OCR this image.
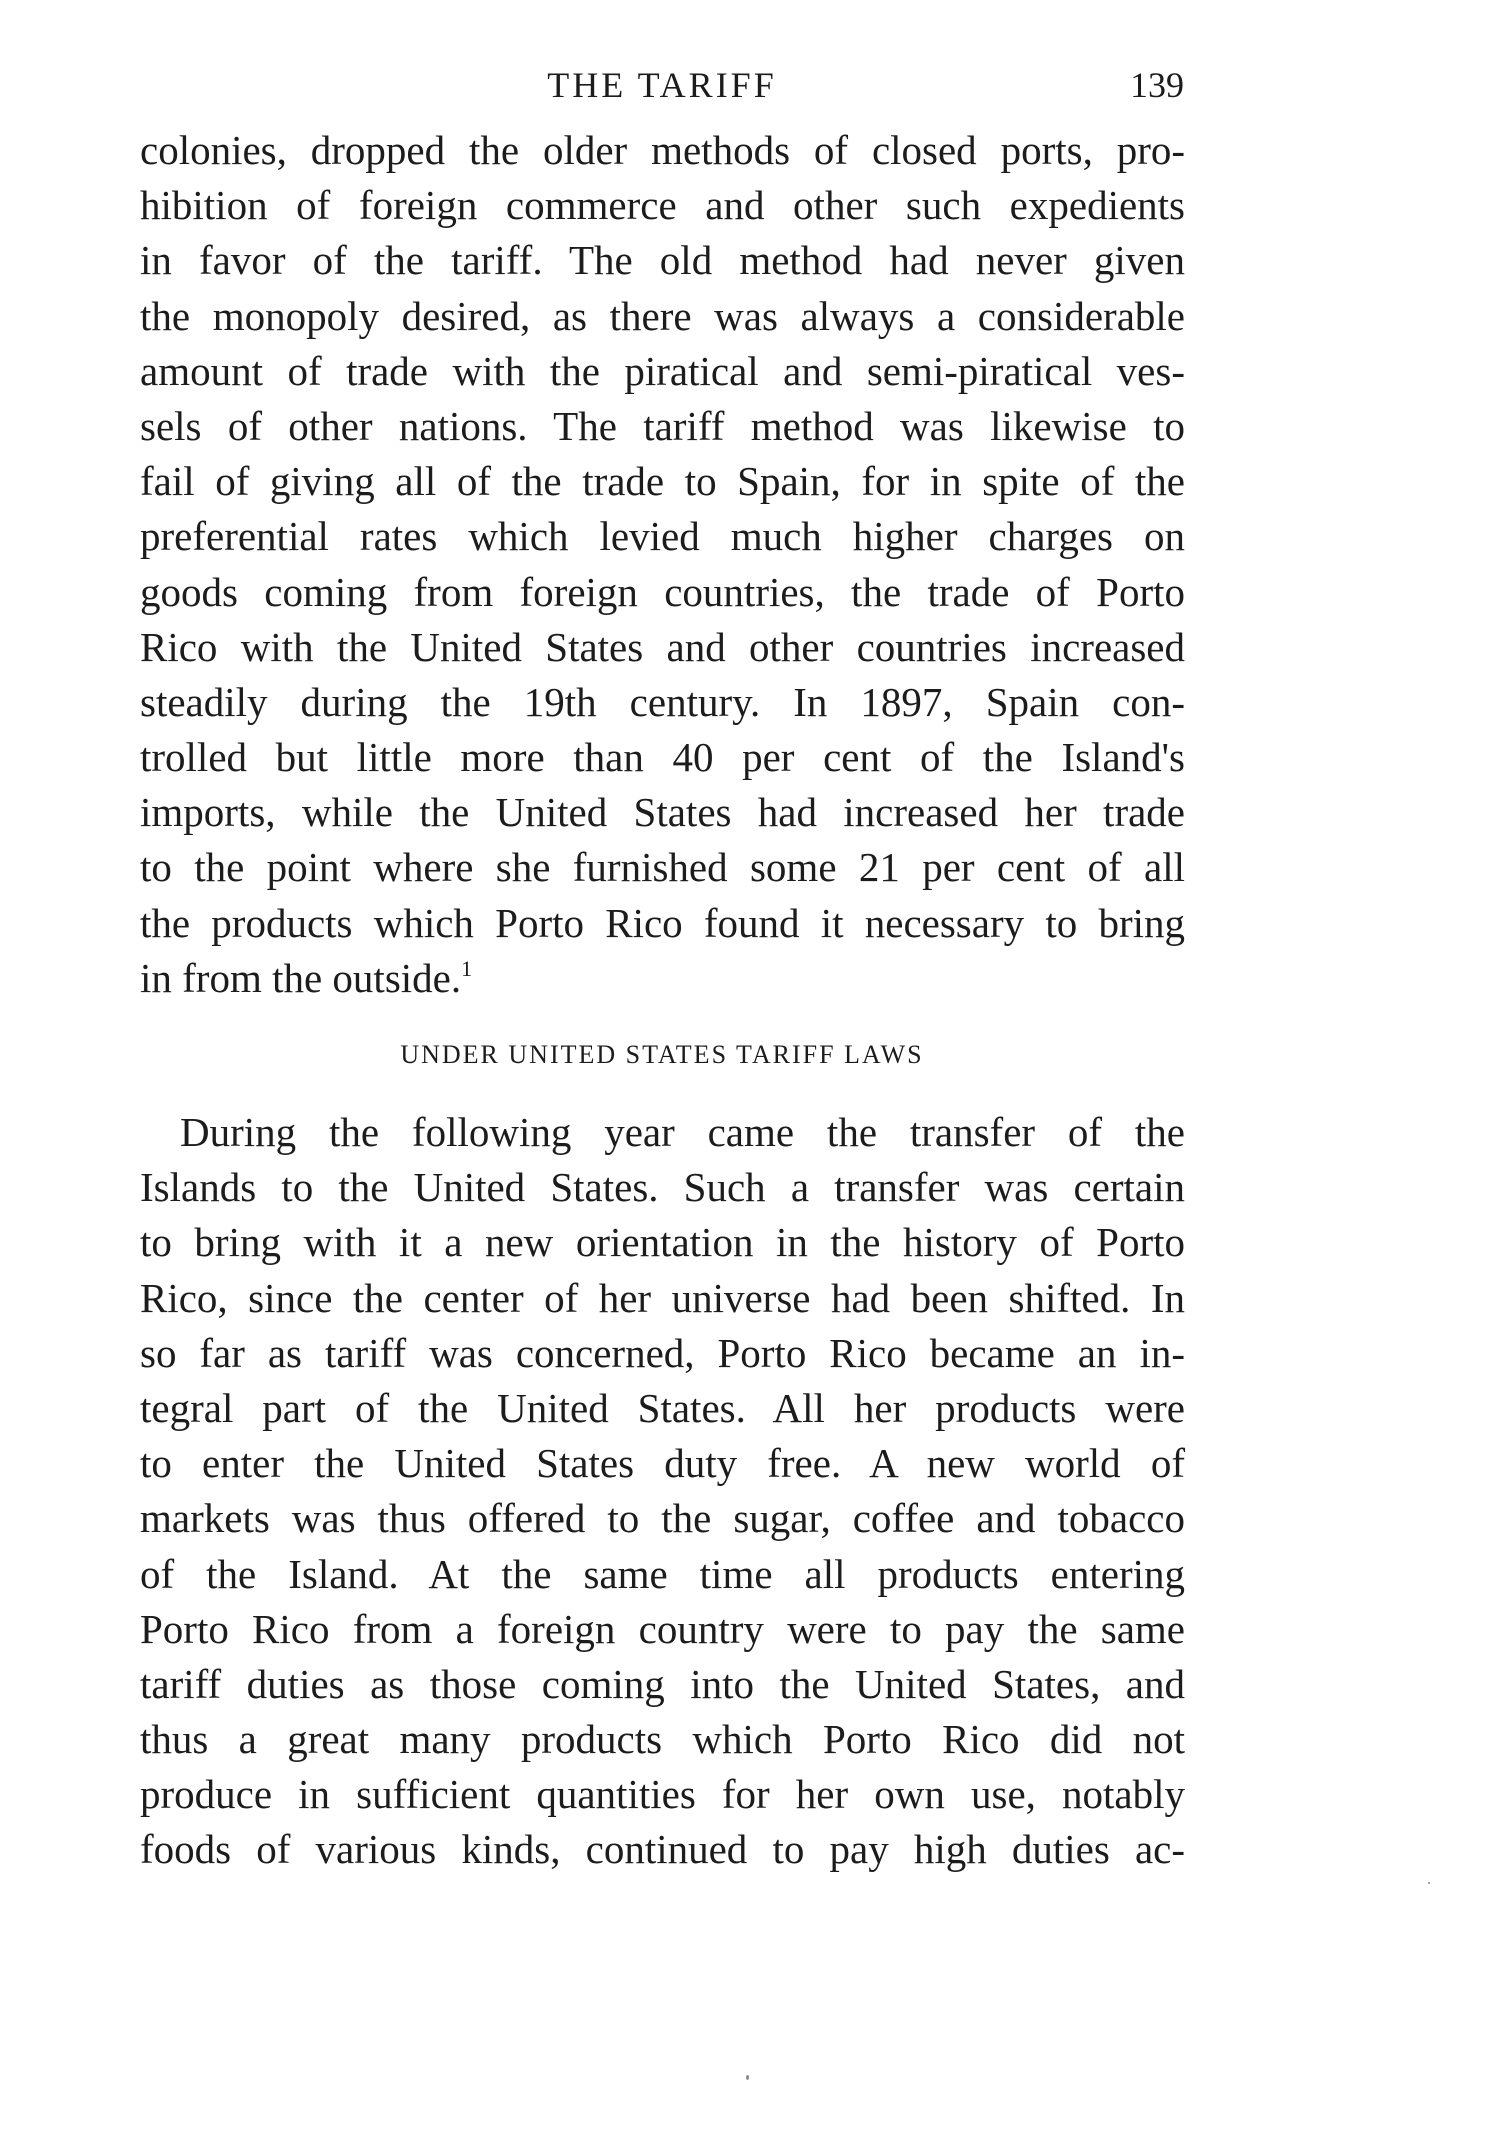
THE TARIFF	139
colonies, dropped the older methods of closed ports, pro-
hibition of foreign commerce and other such expedients
in favor of the tariff. The old method had never given
the monopoly desired, as there was always a considerable
amount of trade with the piratical and semi-piratical ves-
sels of other nations. The tariff method was likewise to
fail of giving all of the trade to Spain, for in spite of the
preferential rates which levied much higher charges on
goods coming from foreign countries, the trade of Porto
Rico with the United States and other countries increased
steadily during the 19th century. In 1897, Spain con-
trolled but little more than 40 per cent of the Island's
imports, while the United States had increased her trade
to the point where she furnished some 21 per cent of all
the products which Porto Rico found it necessary to bring
in from the outside.$^1$
UNDER UNITED STATES TARIFF LAWS
During the following year came the transfer of the
Islands to the United States. Such a transfer was certain
to bring with it a new orientation in the history of Porto
Rico, since the center of her universe had been shifted. In
so far as tariff was concerned, Porto Rico became an in-
tegral part of the United States. All her products were
to enter the United States duty free. A new world of
markets was thus offered to the sugar, coffee and tobacco
of the Island. At the same time all products entering
Porto Rico from a foreign country were to pay the same
tariff duties as those coming into the United States, and
thus a great many products which Porto Rico did not
produce in sufficient quantities for her own use, notably
foods of various kinds, continued to pay high duties ac-
